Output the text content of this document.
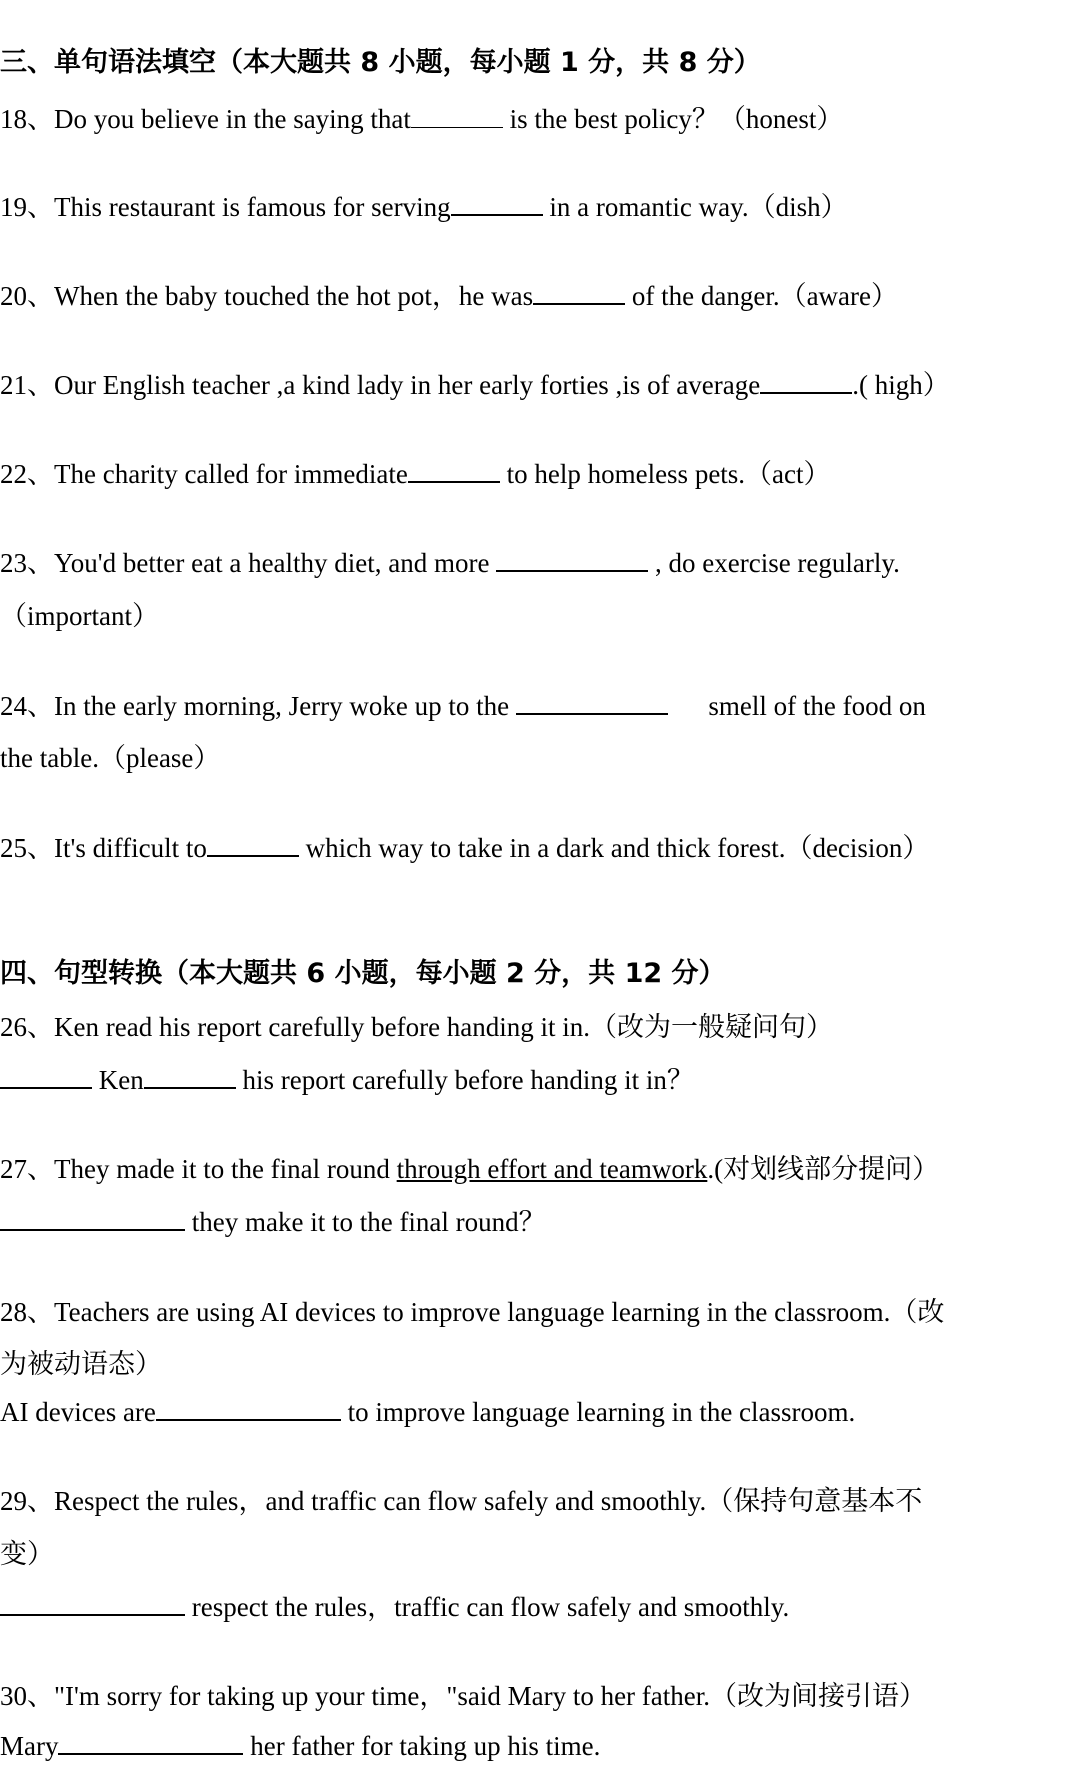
三、单句语法填空（本大题共 8 小题，每小题 1 分，共 8 分）
18、Do you believe in the saying that	is the best policy？（honest）
19、This restaurant is famous for serving	in a romantic way.（dish）
20、When the baby touched the hot pot，he was	of the danger.（aware）
21、Our English teacher ,a kind lady in her early forties ,is of average	.( high）
22、The charity called for immediate	to help homeless pets.（act）
23、You'd better eat a healthy diet, and more	, do exercise regularly.
（important）
24、In the early morning, Jerry woke up to the	smell of the food on
the table.（please）
25、It's difficult to	which way to take in a dark and thick forest.（decision）
四、句型转换（本大题共 6 小题，每小题 2 分，共 12 分）
26、Ken read his report carefully before handing it in.（改为一般疑问句）
Ken	his report carefully before handing it in？
27、They made it to the final round through effort and teamwork.(对划线部分提问）
they make it to the final round？
28、Teachers are using AI devices to improve language learning in the classroom.（改
为被动语态）
AI devices are	to improve language learning in the classroom.
29、Respect the rules，and traffic can flow safely and smoothly.（保持句意基本不
变）
respect the rules，traffic can flow safely and smoothly.
30、"I'm sorry for taking up your time，"said Mary to her father.（改为间接引语）
Mary	her father for taking up his time.
